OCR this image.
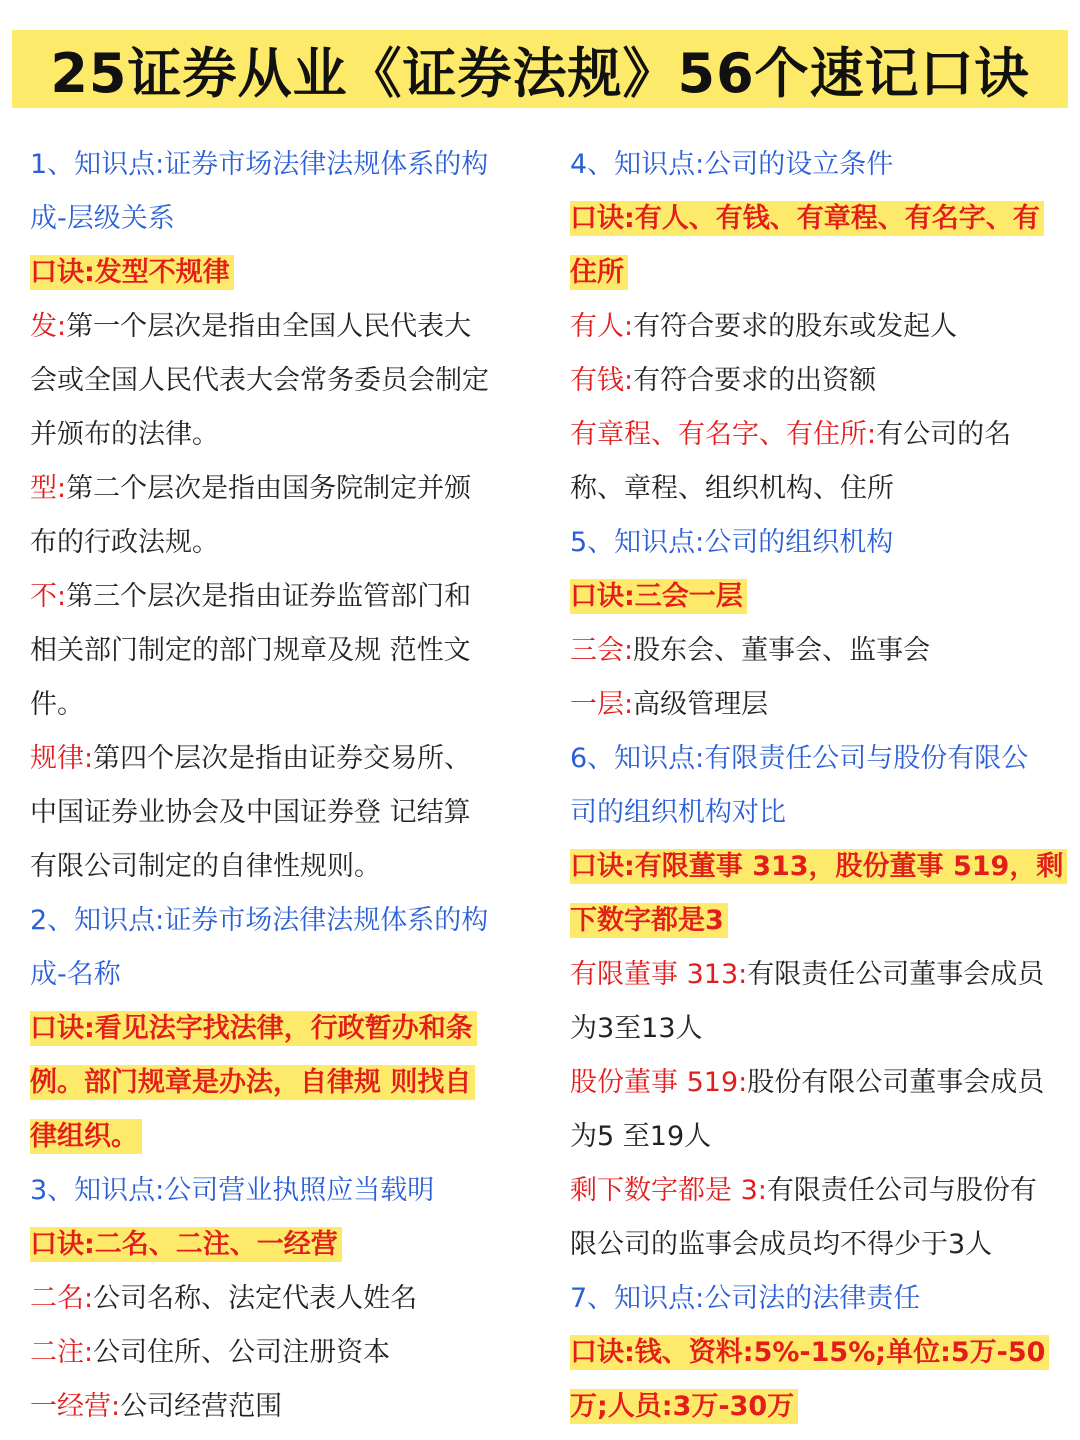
25证券从业《证券法规》56个速记口诀
1、知识点:证券市场法律法规体系的构
成-层级关系
口诀:发型不规律
发:第一个层次是指由全国人民代表大
会或全国人民代表大会常务委员会制定
并颁布的法律。
型:第二个层次是指由国务院制定并颁
布的行政法规。
不:第三个层次是指由证券监管部门和
相关部门制定的部门规章及规 范性文
件。
规律:第四个层次是指由证券交易所、
中国证券业协会及中国证券登 记结算
有限公司制定的自律性规则。
2、知识点:证券市场法律法规体系的构
成-名称
口诀:看见法字找法律，行政暂办和条
例。部门规章是办法，自律规 则找自
律组织。
3、知识点:公司营业执照应当载明
口诀:二名、二注、一经营
二名:公司名称、法定代表人姓名
二注:公司住所、公司注册资本
一经营:公司经营范围
4、知识点:公司的设立条件
口诀:有人、有钱、有章程、有名字、有
住所
有人:有符合要求的股东或发起人
有钱:有符合要求的出资额
有章程、有名字、有住所:有公司的名
称、章程、组织机构、住所
5、知识点:公司的组织机构
口诀:三会一层
三会:股东会、董事会、监事会
一层:高级管理层
6、知识点:有限责任公司与股份有限公
司的组织机构对比
口诀:有限董事 313，股份董事 519，剩
下数字都是3
有限董事 313:有限责任公司董事会成员
为3至13人
股份董事 519:股份有限公司董事会成员
为5 至19人
剩下数字都是 3:有限责任公司与股份有
限公司的监事会成员均不得少于3人
7、知识点:公司法的法律责任
口诀:钱、资料:5%-15%;单位:5万-50
万;人员:3万-30万
